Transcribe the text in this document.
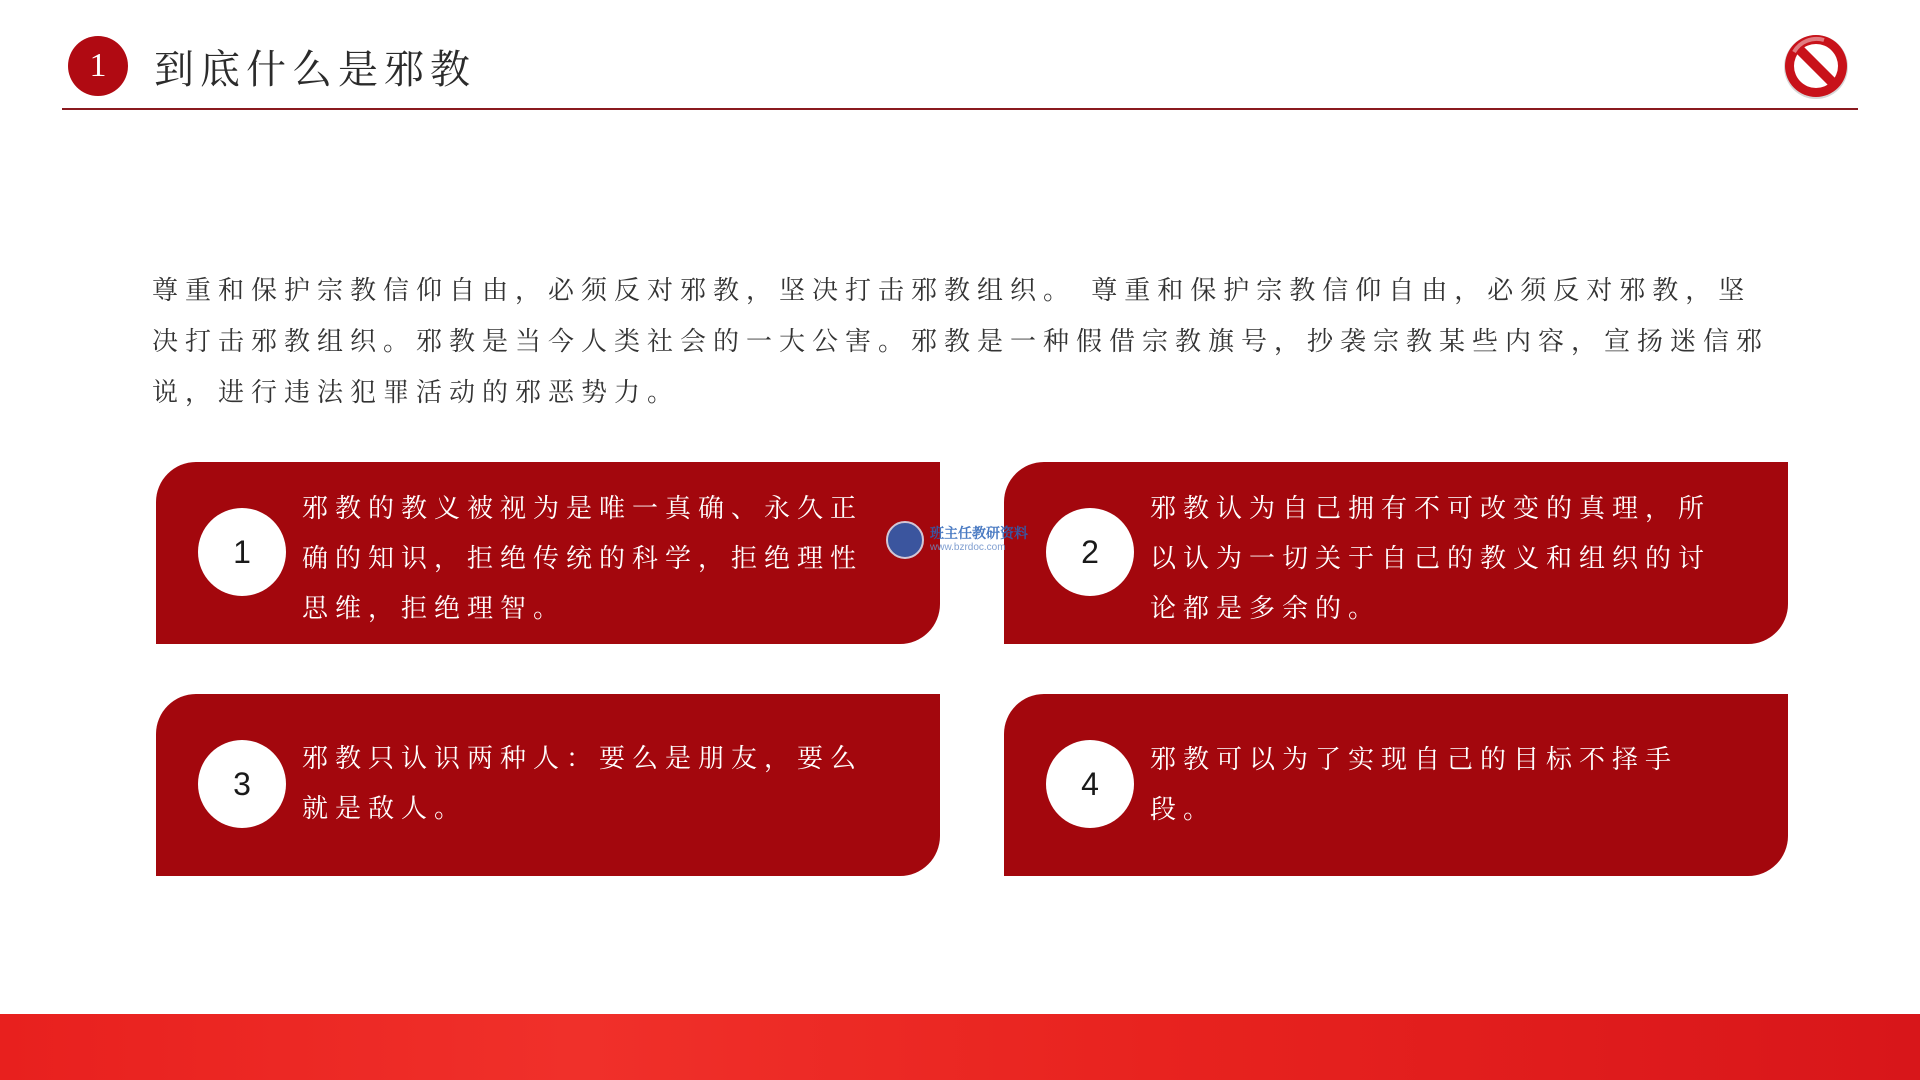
1	到底什么是邪教
尊重和保护宗教信仰自由，必须反对邪教，坚决打击邪教组织。 尊重和保护宗教信仰自由，必须反对邪教，坚决打击邪教组织。邪教是当今人类社会的一大公害。邪教是一种假借宗教旗号，抄袭宗教某些内容，宣扬迷信邪说，进行违法犯罪活动的邪恶势力。
1
邪教的教义被视为是唯一真确、永久正确的知识，拒绝传统的科学，拒绝理性思维，拒绝理智。
2
邪教认为自己拥有不可改变的真理，所以认为一切关于自己的教义和组织的讨论都是多余的。
3
邪教只认识两种人：要么是朋友，要么就是敌人。
4
邪教可以为了实现自己的目标不择手段。
班主任教研资料
www.bzrdoc.com
